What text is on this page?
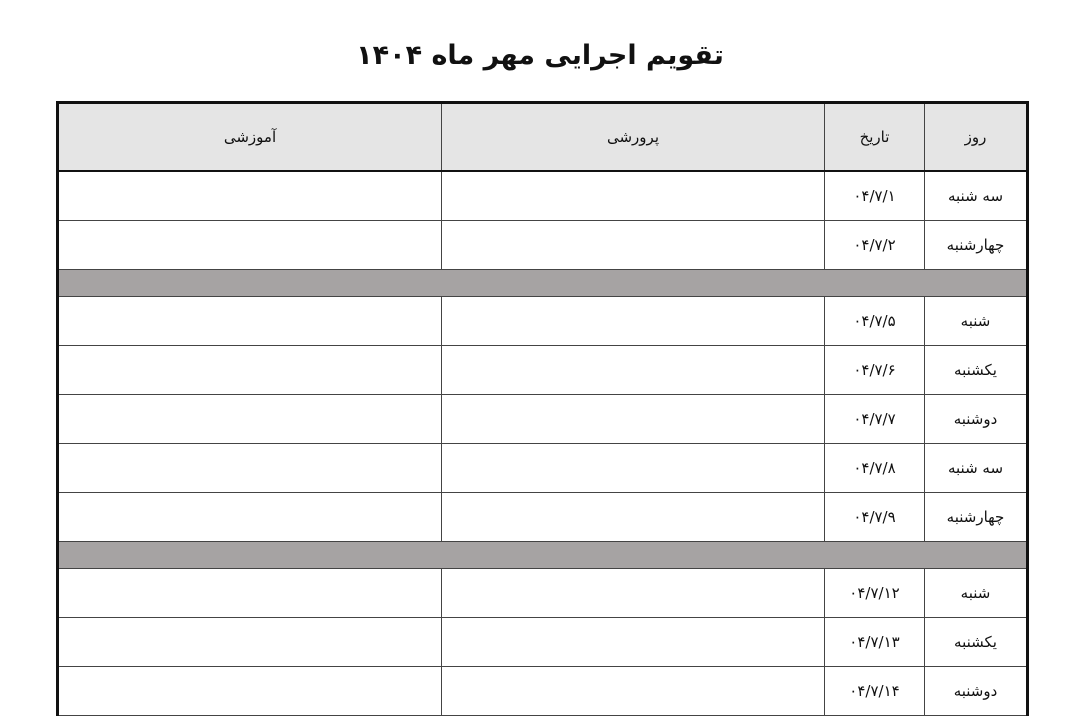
تقویم اجرایی مهر ماه ۱۴۰۴
روز	تاریخ	پرورشی	آموزشی
سه شنبه	۰۴/۷/۱		
چهارشنبه	۰۴/۷/۲		

شنبه	۰۴/۷/۵		
یکشنبه	۰۴/۷/۶		
دوشنبه	۰۴/۷/۷		
سه شنبه	۰۴/۷/۸		
چهارشنبه	۰۴/۷/۹		

شنبه	۰۴/۷/۱۲		
یکشنبه	۰۴/۷/۱۳		
دوشنبه	۰۴/۷/۱۴		
